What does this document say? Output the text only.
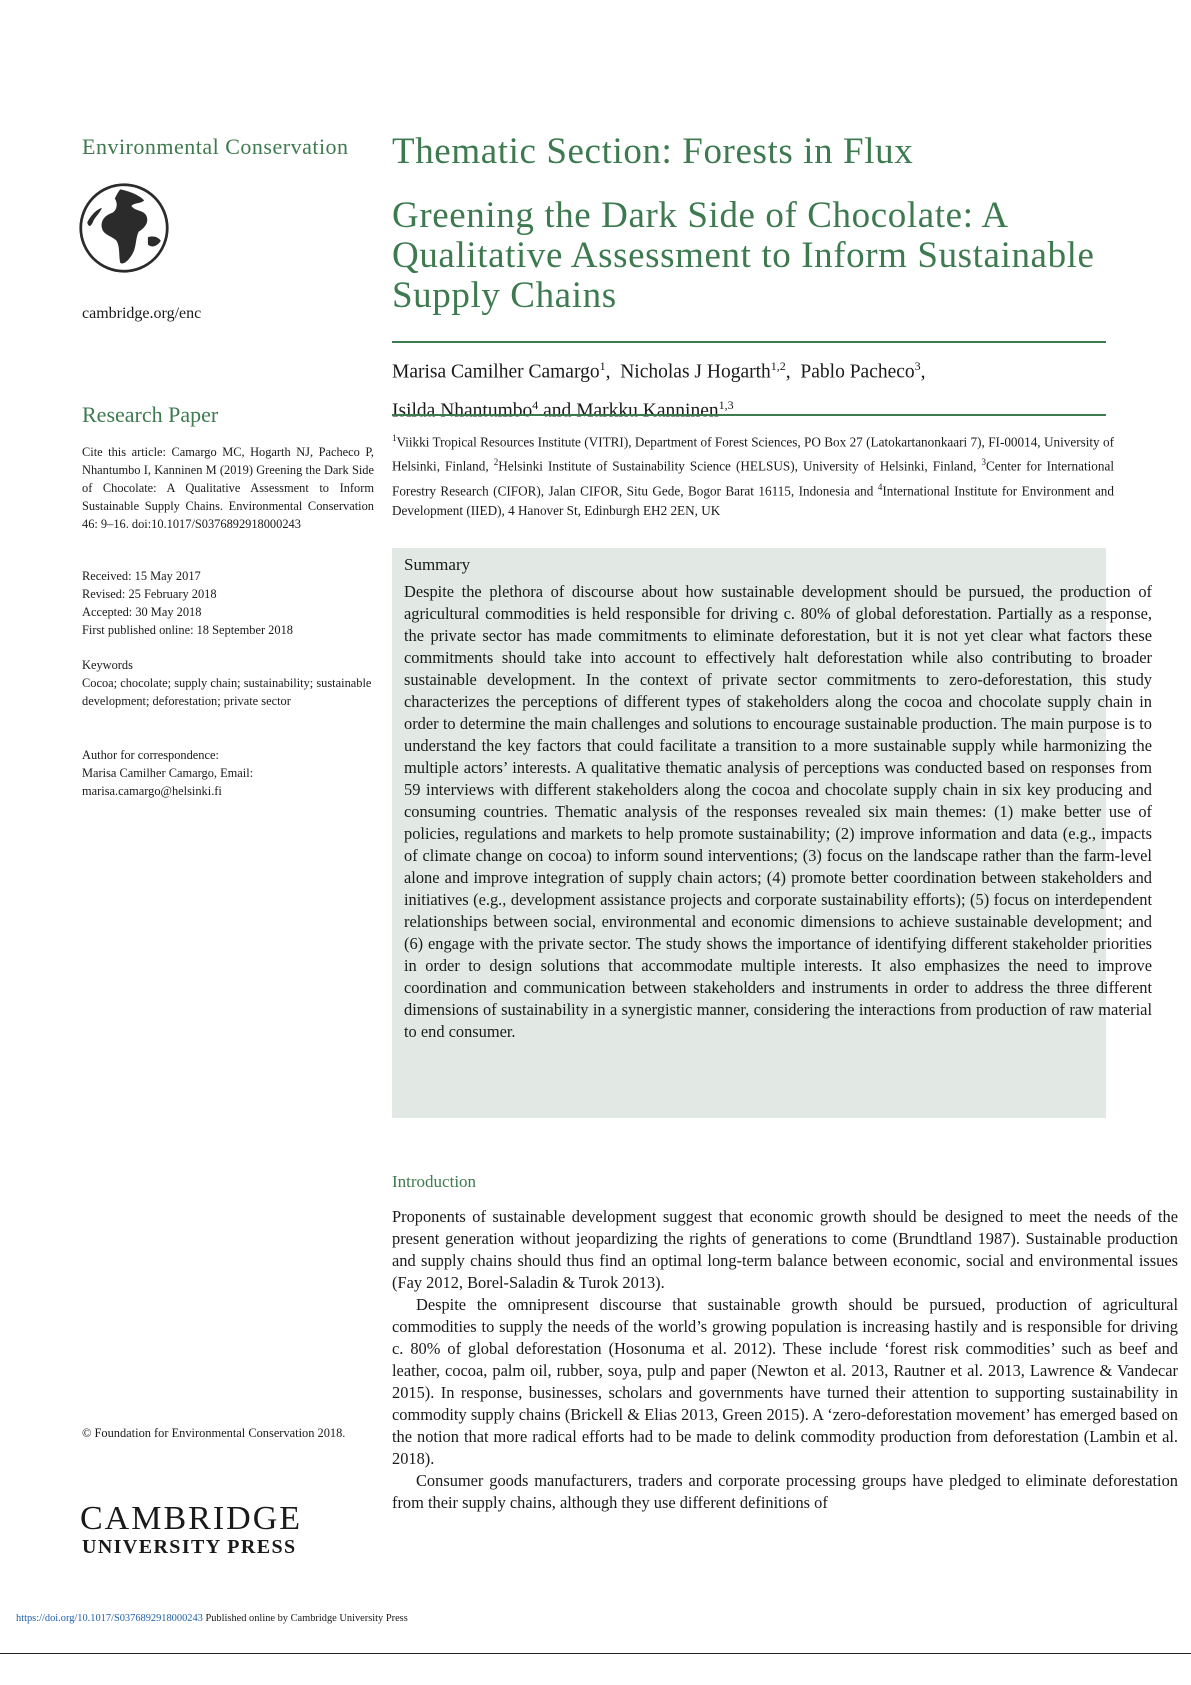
Environmental Conservation
cambridge.org/enc
Research Paper
Cite this article: Camargo MC, Hogarth NJ, Pacheco P, Nhantumbo I, Kanninen M (2019) Greening the Dark Side of Chocolate: A Qualitative Assessment to Inform Sustainable Supply Chains. Environmental Conservation 46: 9–16. doi:10.1017/S0376892918000243
Received: 15 May 2017
Revised: 25 February 2018
Accepted: 30 May 2018
First published online: 18 September 2018
Keywords
Cocoa; chocolate; supply chain; sustainability; sustainable development; deforestation; private sector
Author for correspondence:
Marisa Camilher Camargo, Email: marisa.camargo@helsinki.fi
© Foundation for Environmental Conservation 2018.
CAMBRIDGE
UNIVERSITY PRESS
https://doi.org/10.1017/S0376892918000243 Published online by Cambridge University Press
Thematic Section: Forests in Flux
Greening the Dark Side of Chocolate: A Qualitative Assessment to Inform Sustainable Supply Chains
Marisa Camilher Camargo$^1$,  Nicholas J Hogarth$^{1,2}$,  Pablo Pacheco$^3$,
Isilda Nhantumbo$^4$ and Markku Kanninen$^{1,3}$
$^1$Viikki Tropical Resources Institute (VITRI), Department of Forest Sciences, PO Box 27 (Latokartanonkaari 7), FI-00014, University of Helsinki, Finland, $^2$Helsinki Institute of Sustainability Science (HELSUS), University of Helsinki, Finland, $^3$Center for International Forestry Research (CIFOR), Jalan CIFOR, Situ Gede, Bogor Barat 16115, Indonesia and $^4$International Institute for Environment and Development (IIED), 4 Hanover St, Edinburgh EH2 2EN, UK
Summary
Despite the plethora of discourse about how sustainable development should be pursued, the production of agricultural commodities is held responsible for driving c. 80% of global deforestation. Partially as a response, the private sector has made commitments to eliminate deforestation, but it is not yet clear what factors these commitments should take into account to effectively halt deforestation while also contributing to broader sustainable development. In the context of private sector commitments to zero-deforestation, this study characterizes the perceptions of different types of stakeholders along the cocoa and chocolate supply chain in order to determine the main challenges and solutions to encourage sustainable production. The main purpose is to understand the key factors that could facilitate a transition to a more sustainable supply while harmonizing the multiple actors’ interests. A qualitative thematic analysis of perceptions was conducted based on responses from 59 interviews with different stakeholders along the cocoa and chocolate supply chain in six key producing and consuming countries. Thematic analysis of the responses revealed six main themes: (1) make better use of policies, regulations and markets to help promote sustainability; (2) improve information and data (e.g., impacts of climate change on cocoa) to inform sound interventions; (3) focus on the landscape rather than the farm-level alone and improve integration of supply chain actors; (4) promote better coordination between stakeholders and initiatives (e.g., development assistance projects and corporate sustainability efforts); (5) focus on interdependent relationships between social, environmental and economic dimensions to achieve sustainable development; and (6) engage with the private sector. The study shows the importance of identifying different stakeholder priorities in order to design solutions that accommodate multiple interests. It also emphasizes the need to improve coordination and communication between stakeholders and instruments in order to address the three different dimensions of sustainability in a synergistic manner, considering the interactions from production of raw material to end consumer.
Introduction

Proponents of sustainable development suggest that economic growth should be designed to meet the needs of the present generation without jeopardizing the rights of generations to come (Brundtland 1987). Sustainable production and supply chains should thus find an optimal long-term balance between economic, social and environmental issues (Fay 2012, Borel-Saladin & Turok 2013).

Despite the omnipresent discourse that sustainable growth should be pursued, production of agricultural commodities to supply the needs of the world’s growing population is increasing hastily and is responsible for driving c. 80% of global deforestation (Hosonuma et al. 2012). These include ‘forest risk commodities’ such as beef and leather, cocoa, palm oil, rubber, soya, pulp and paper (Newton et al. 2013, Rautner et al. 2013, Lawrence & Vandecar 2015). In response, businesses, scholars and governments have turned their attention to supporting sustainability in commodity supply chains (Brickell & Elias 2013, Green 2015). A ‘zero-deforestation movement’ has emerged based on the notion that more radical efforts had to be made to delink commodity production from deforestation (Lambin et al. 2018).

Consumer goods manufacturers, traders and corporate processing groups have pledged to eliminate deforestation from their supply chains, although they use different definitions of
